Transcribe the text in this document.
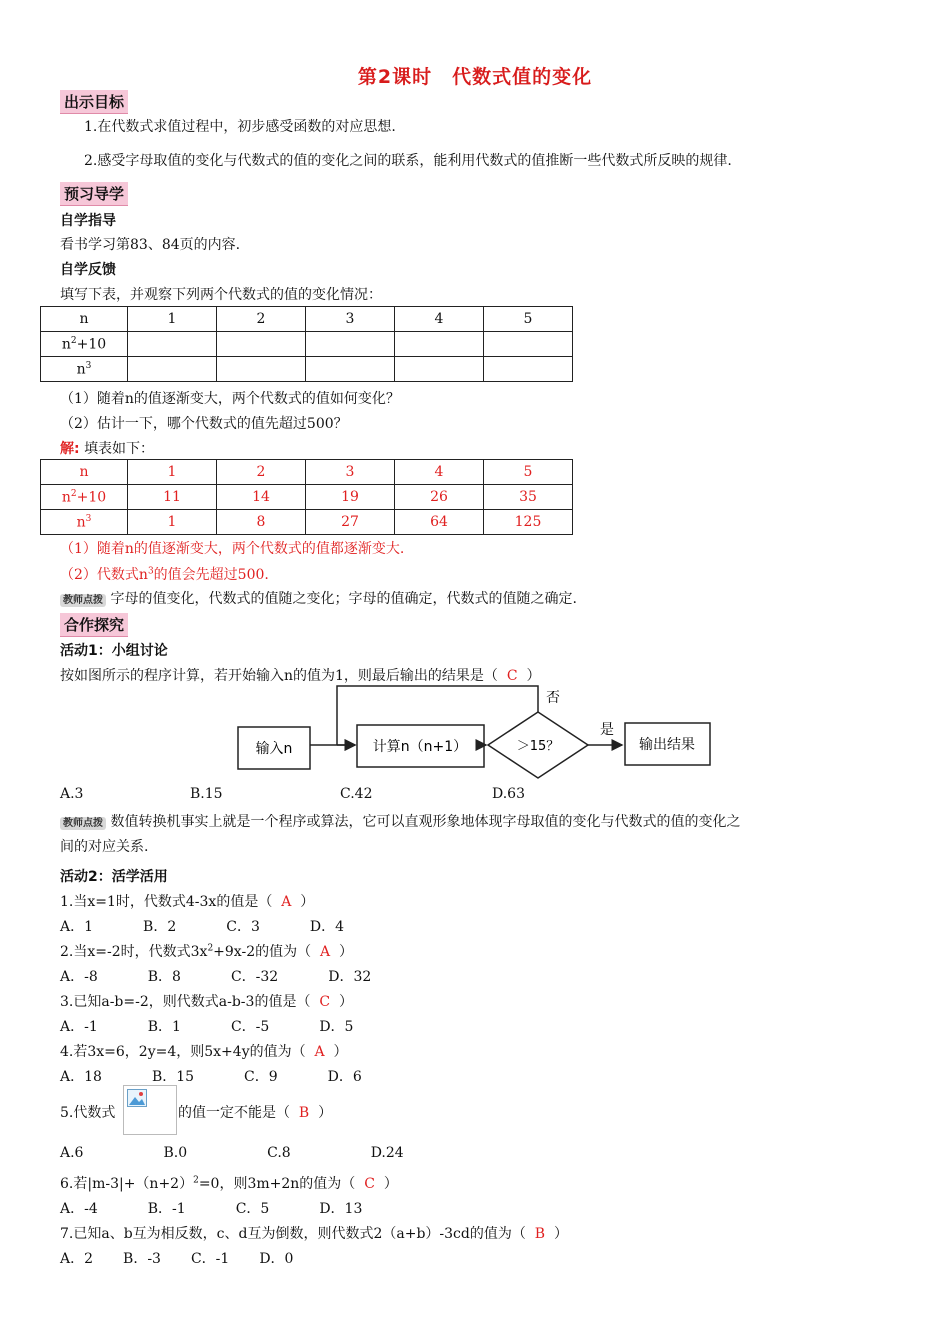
第2课时　代数式值的变化
出示目标
1.在代数式求值过程中，初步感受函数的对应思想.
2.感受字母取值的变化与代数式的值的变化之间的联系，能利用代数式的值推断一些代数式所反映的规律.
预习导学
自学指导
看书学习第83、84页的内容.
自学反馈
填写下表，并观察下列两个代数式的值的变化情况：
n	1	2	3	4	5
$n^2+10$					
$n^3$					
（1）随着n的值逐渐变大，两个代数式的值如何变化？
（2）估计一下，哪个代数式的值先超过500？
解: 填表如下：
n	1	2	3	4	5
$n^2+10$	11	14	19	26	35
$n^3$	1	8	27	64	125
（1）随着n的值逐渐变大，两个代数式的值都逐渐变大.
（2）代数式$n^3$的值会先超过500.
教师点拨 字母的值变化，代数式的值随之变化；字母的值确定，代数式的值随之确定.
合作探究
活动1：小组讨论
按如图所示的程序计算，若开始输入n的值为1，则最后输出的结果是（ C ）
输入n	计算n（n+1）	＞15？
是
输出结果
否
A.3	B.15	C.42	D.63
教师点拨 数值转换机事实上就是一个程序或算法，它可以直观形象地体现字母取值的变化与代数式的值的变化之
间的对应关系.
活动2：活学活用
1.当x=1时，代数式4-3x的值是（ A  ）
A．1	B．2	C．3	D．4
2.当x=-2时，代数式$3x^2+9x-2$的值为（  A  ）
A．-8	B．8	C．-32	D．32
3.已知a-b=-2，则代数式a-b-3的值是（ C  ）
A．-1	B．1	C．-5	D．5
4.若3x=6，2y=4，则5x+4y的值为（ A  ）
A．18	B．15	C．9	D．6
5.代数式	的值一定不能是（ B  ）
A.6	B.0	C.8	D.24
6.若$|m-3|+(n+2)^2=0$，则3m+2n的值为（  C  ）
A．-4	B．-1	C．5	D．13
7.已知a、b互为相反数，c、d互为倒数，则代数式2（a+b）-3cd的值为（ B  ）
A．2 B．-3 C．-1 D．0
